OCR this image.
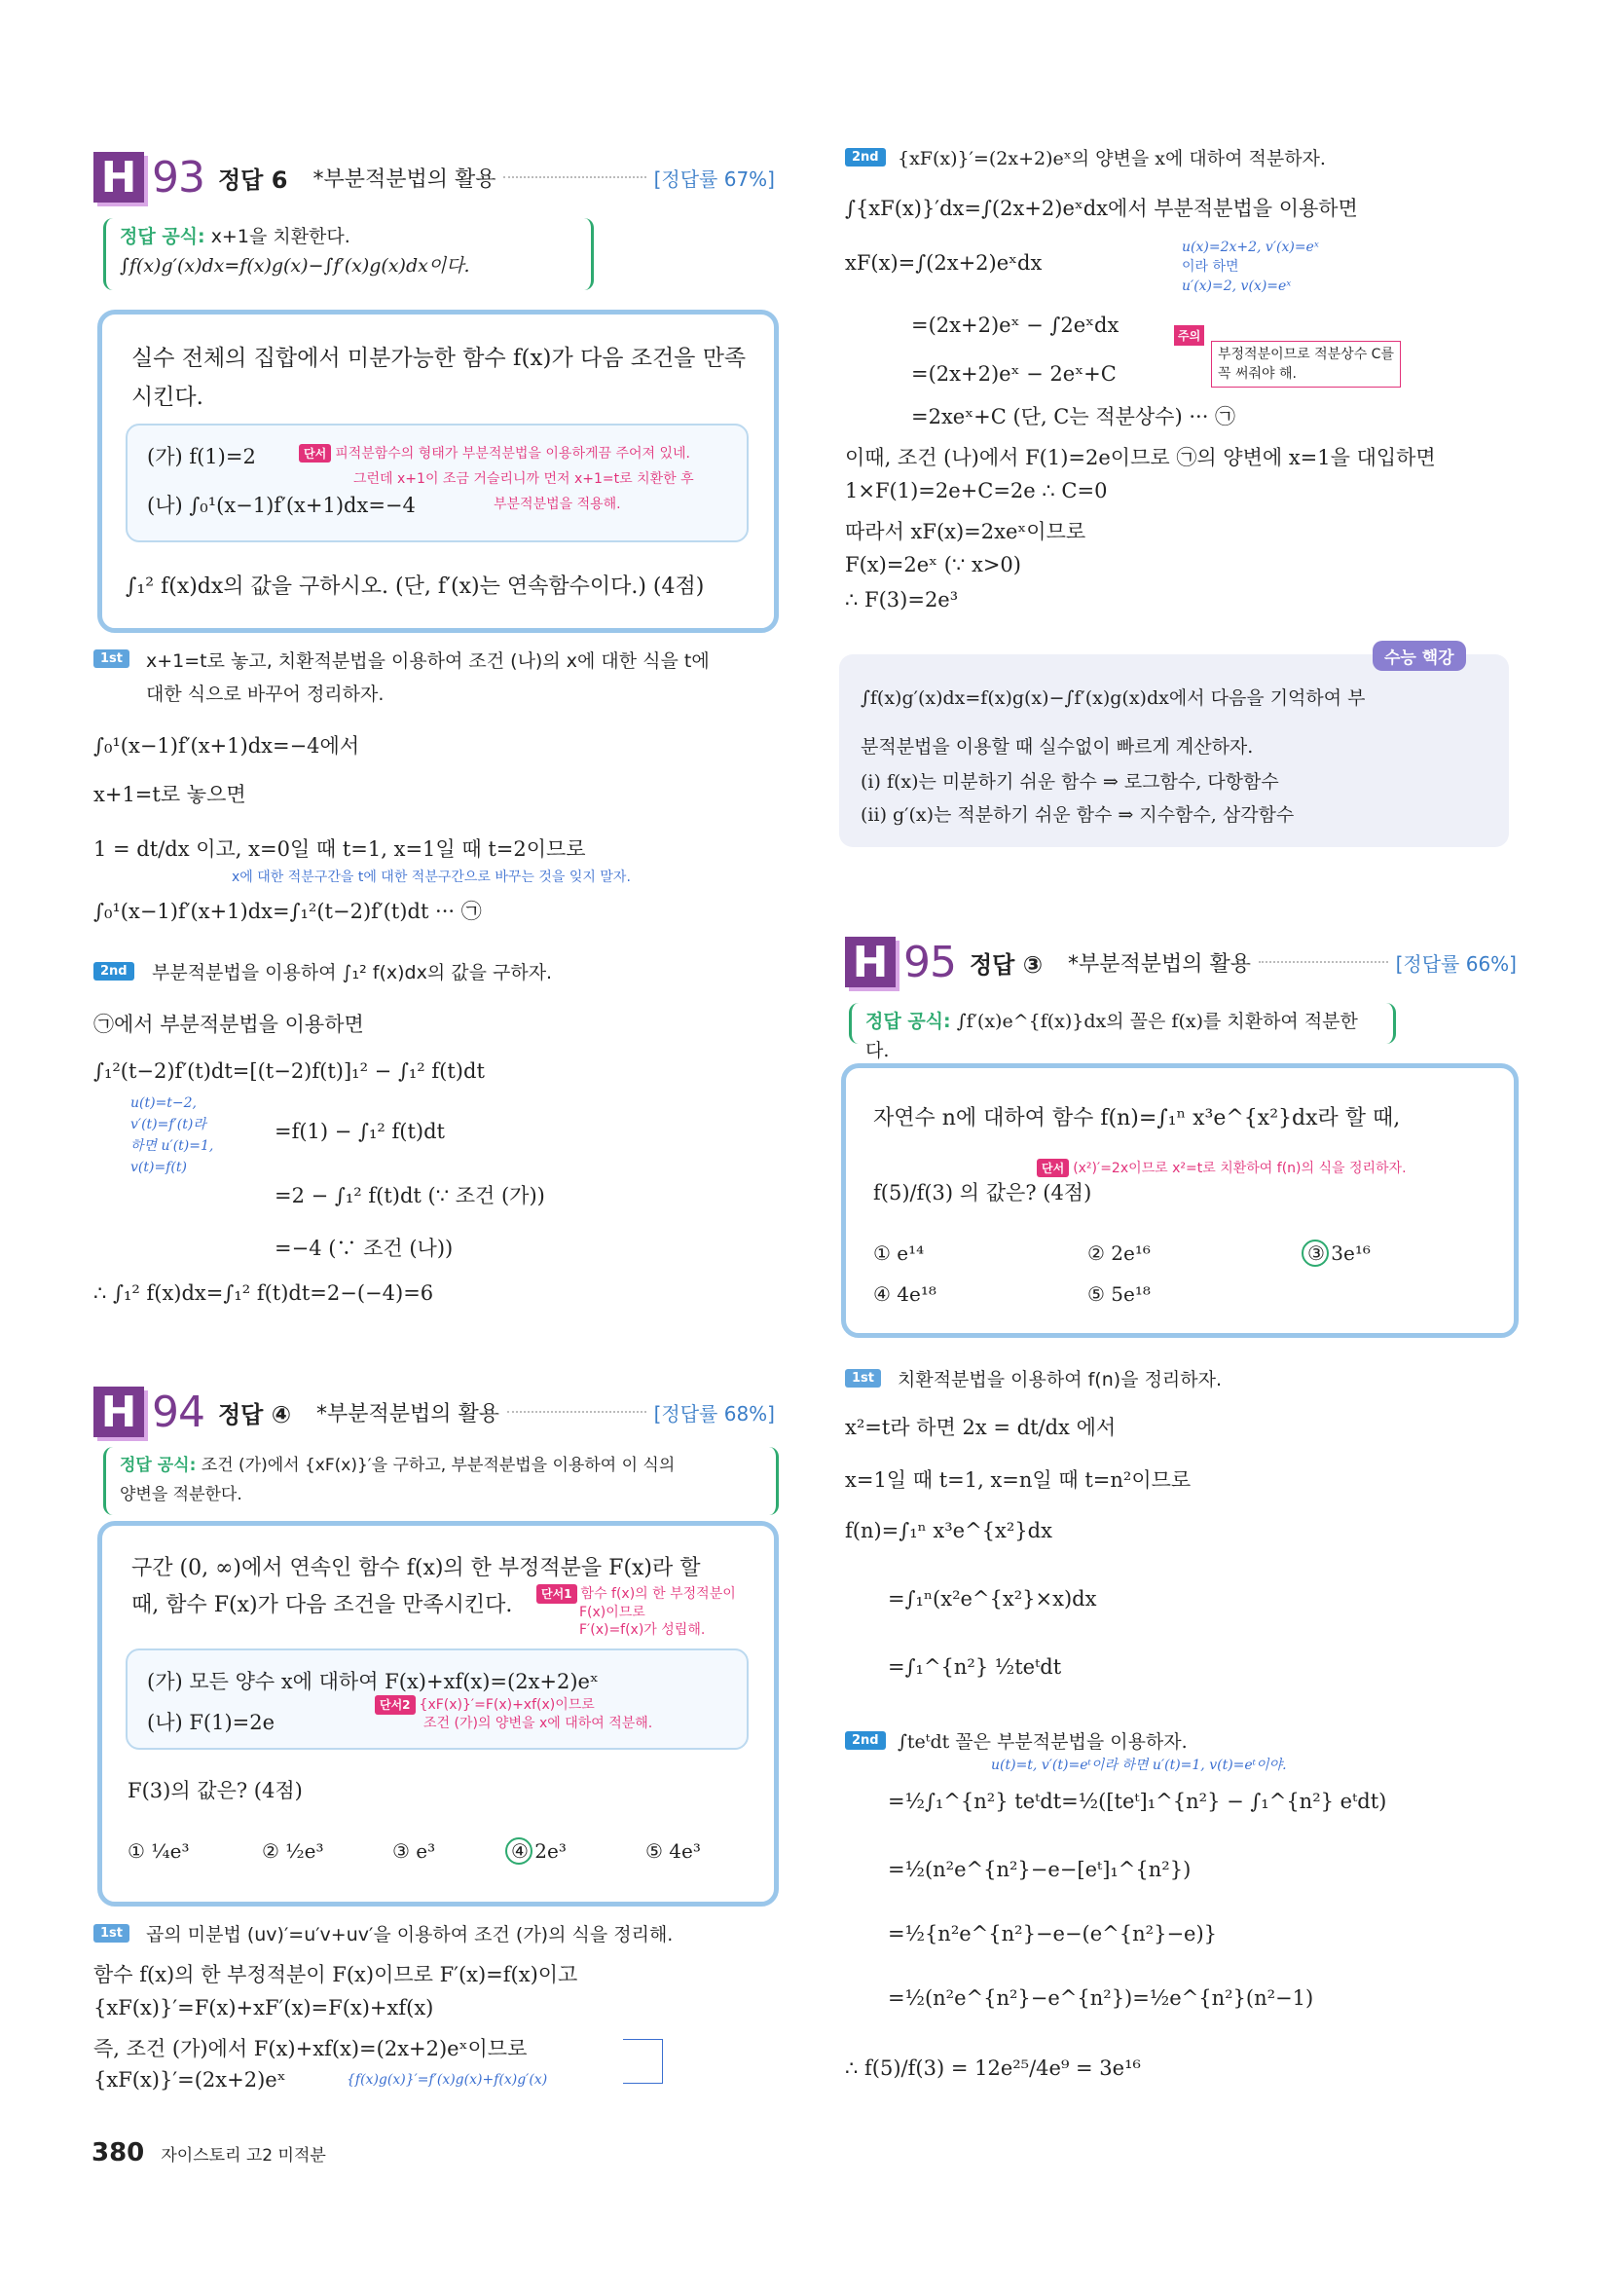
H 93 정답 6 *부분적분법의 활용	[정답률 67%]
정답 공식: x+1을 치환한다.
∫f(x)g′(x)dx=f(x)g(x)−∫f′(x)g(x)dx이다.
실수 전체의 집합에서 미분가능한 함수 f(x)가 다음 조건을 만족
시킨다.
(가) f(1)=2
(나) ∫₀¹(x−1)f′(x+1)dx=−4
단서 피적분함수의 형태가 부분적분법을 이용하게끔 주어져 있네.
그런데 x+1이 조금 거슬리니까 먼저 x+1=t로 치환한 후
부분적분법을 적용해.
∫₁² f(x)dx의 값을 구하시오. (단, f′(x)는 연속함수이다.) (4점)
1st	x+1=t로 놓고, 치환적분법을 이용하여 조건 (나)의 x에 대한 식을 t에
대한 식으로 바꾸어 정리하자.
∫₀¹(x−1)f′(x+1)dx=−4에서
x+1=t로 놓으면
1 = dt/dx 이고, x=0일 때 t=1, x=1일 때 t=2이므로
x에 대한 적분구간을 t에 대한 적분구간으로 바꾸는 것을 잊지 말자.
∫₀¹(x−1)f′(x+1)dx=∫₁²(t−2)f′(t)dt ··· ㉠
2nd	부분적분법을 이용하여 ∫₁² f(x)dx의 값을 구하자.
㉠에서 부분적분법을 이용하면
∫₁²(t−2)f′(t)dt=[(t−2)f(t)]₁² − ∫₁² f(t)dt
u(t)=t−2,
v′(t)=f′(t)라
하면 u′(t)=1,
v(t)=f(t)
=f(1) − ∫₁² f(t)dt
=2 − ∫₁² f(t)dt (∵ 조건 (가))
=−4 (∵ 조건 (나))
∴ ∫₁² f(x)dx=∫₁² f(t)dt=2−(−4)=6
H 94 정답 ④ *부분적분법의 활용	[정답률 68%]
정답 공식: 조건 (가)에서 {xF(x)}′을 구하고, 부분적분법을 이용하여 이 식의
양변을 적분한다.
구간 (0, ∞)에서 연속인 함수 f(x)의 한 부정적분을 F(x)라 할
때, 함수 F(x)가 다음 조건을 만족시킨다.	단서1 함수 f(x)의 한 부정적분이
F(x)이므로
F′(x)=f(x)가 성립해.
(가) 모든 양수 x에 대하여 F(x)+xf(x)=(2x+2)eˣ
(나) F(1)=2e
단서2 {xF(x)}′=F(x)+xf(x)이므로
조건 (가)의 양변을 x에 대하여 적분해.
F(3)의 값은? (4점)
① ¼e³	② ½e³	③ e³	④ 2e³	⑤ 4e³
1st	곱의 미분법 (uv)′=u′v+uv′을 이용하여 조건 (가)의 식을 정리해.
함수 f(x)의 한 부정적분이 F(x)이므로 F′(x)=f(x)이고
{xF(x)}′=F(x)+xF′(x)=F(x)+xf(x)
즉, 조건 (가)에서 F(x)+xf(x)=(2x+2)eˣ이므로
{xF(x)}′=(2x+2)eˣ	{f(x)g(x)}′=f′(x)g(x)+f(x)g′(x)
2nd	{xF(x)}′=(2x+2)eˣ의 양변을 x에 대하여 적분하자.
∫{xF(x)}′dx=∫(2x+2)eˣdx에서 부분적분법을 이용하면
xF(x)=∫(2x+2)eˣdx
u(x)=2x+2, v′(x)=eˣ
이라 하면
u′(x)=2, v(x)=eˣ
=(2x+2)eˣ − ∫2eˣdx	주의
부정적분이므로 적분상수 C를
꼭 써줘야 해.
=(2x+2)eˣ − 2eˣ+C
=2xeˣ+C (단, C는 적분상수) ··· ㉠
이때, 조건 (나)에서 F(1)=2e이므로 ㉠의 양변에 x=1을 대입하면
1×F(1)=2e+C=2e ∴ C=0
따라서 xF(x)=2xeˣ이므로
F(x)=2eˣ (∵ x>0)
∴ F(3)=2e³
수능 핵강
∫f(x)g′(x)dx=f(x)g(x)−∫f′(x)g(x)dx에서 다음을 기억하여 부
분적분법을 이용할 때 실수없이 빠르게 계산하자.
(ⅰ) f(x)는 미분하기 쉬운 함수 ⇒ 로그함수, 다항함수
(ⅱ) g′(x)는 적분하기 쉬운 함수 ⇒ 지수함수, 삼각함수
H 95 정답 ③ *부분적분법의 활용	[정답률 66%]
정답 공식: ∫f′(x)e^{f(x)}dx의 꼴은 f(x)를 치환하여 적분한다.
자연수 n에 대하여 함수 f(n)=∫₁ⁿ x³e^{x²}dx라 할 때,
단서 (x²)′=2x이므로 x²=t로 치환하여 f(n)의 식을 정리하자.
f(5)/f(3) 의 값은? (4점)
① e¹⁴	② 2e¹⁶	③ 3e¹⁶
④ 4e¹⁸	⑤ 5e¹⁸
1st	치환적분법을 이용하여 f(n)을 정리하자.
x²=t라 하면 2x = dt/dx 에서
x=1일 때 t=1, x=n일 때 t=n²이므로
f(n)=∫₁ⁿ x³e^{x²}dx
=∫₁ⁿ(x²e^{x²}×x)dx
=∫₁^{n²} ½teᵗdt
2nd	∫teᵗdt 꼴은 부분적분법을 이용하자.
u(t)=t, v′(t)=eᵗ이라 하면 u′(t)=1, v(t)=eᵗ이야.
=½∫₁^{n²} teᵗdt=½([teᵗ]₁^{n²} − ∫₁^{n²} eᵗdt)
=½(n²e^{n²}−e−[eᵗ]₁^{n²})
=½{n²e^{n²}−e−(e^{n²}−e)}
=½(n²e^{n²}−e^{n²})=½e^{n²}(n²−1)
∴ f(5)/f(3) = 12e²⁵/4e⁹ = 3e¹⁶
380 자이스토리 고2 미적분
